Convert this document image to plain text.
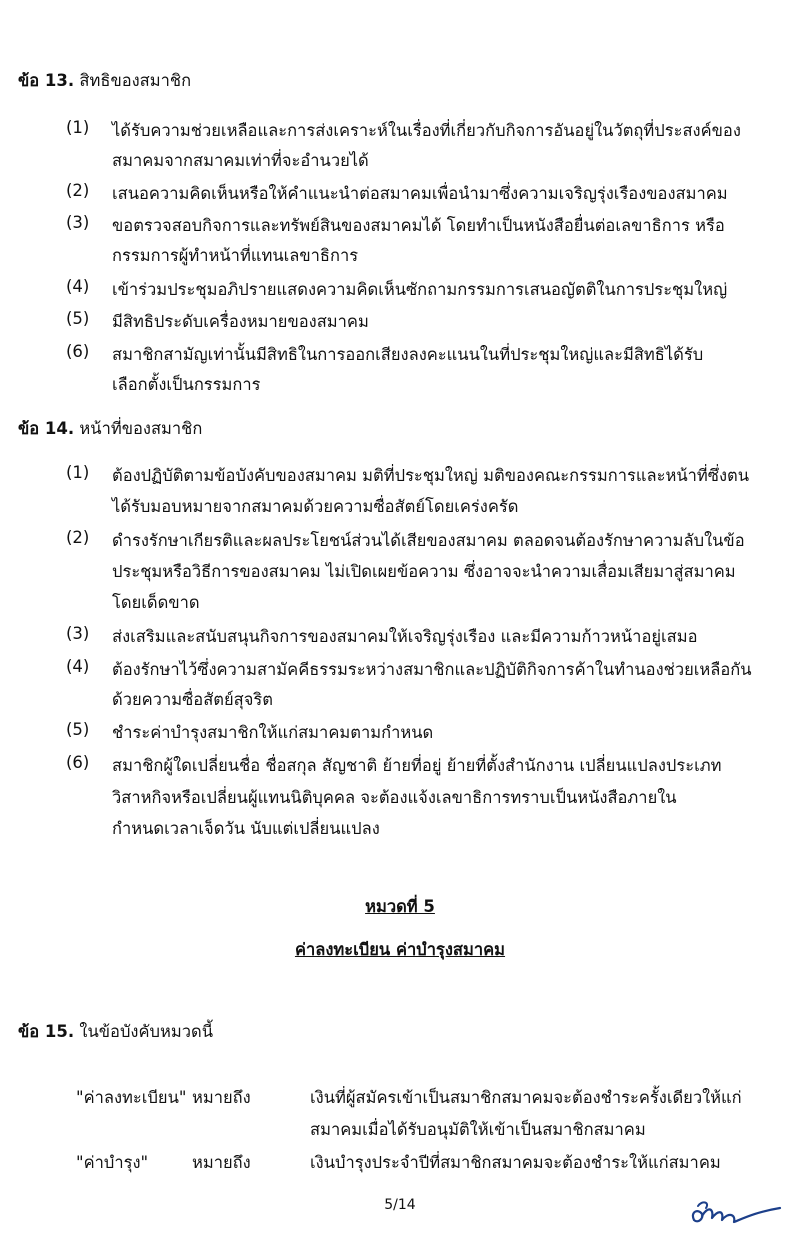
ข้อ 13. สิทธิของสมาชิก
(1) ได้รับความช่วยเหลือและการส่งเคราะห์ในเรื่องที่เกี่ยวกับกิจการอันอยู่ในวัตถุที่ประสงค์ของ
สมาคมจากสมาคมเท่าที่จะอำนวยได้
(2) เสนอความคิดเห็นหรือให้คำแนะนำต่อสมาคมเพื่อนำมาซึ่งความเจริญรุ่งเรืองของสมาคม
(3) ขอตรวจสอบกิจการและทรัพย์สินของสมาคมได้ โดยทำเป็นหนังสือยื่นต่อเลขาธิการ หรือ
กรรมการผู้ทำหน้าที่แทนเลขาธิการ
(4) เข้าร่วมประชุมอภิปรายแสดงความคิดเห็นซักถามกรรมการเสนอญัตติในการประชุมใหญ่
(5) มีสิทธิประดับเครื่องหมายของสมาคม
(6) สมาชิกสามัญเท่านั้นมีสิทธิในการออกเสียงลงคะแนนในที่ประชุมใหญ่และมีสิทธิได้รับ
เลือกตั้งเป็นกรรมการ
ข้อ 14. หน้าที่ของสมาชิก
(1) ต้องปฏิบัติตามข้อบังคับของสมาคม มติที่ประชุมใหญ่ มติของคณะกรรมการและหน้าที่ซึ่งตน
ได้รับมอบหมายจากสมาคมด้วยความซื่อสัตย์โดยเคร่งครัด
(2) ดำรงรักษาเกียรติและผลประโยชน์ส่วนได้เสียของสมาคม ตลอดจนต้องรักษาความลับในข้อ
ประชุมหรือวิธีการของสมาคม ไม่เปิดเผยข้อความ ซึ่งอาจจะนำความเสื่อมเสียมาสู่สมาคม
โดยเด็ดขาด
(3) ส่งเสริมและสนับสนุนกิจการของสมาคมให้เจริญรุ่งเรือง และมีความก้าวหน้าอยู่เสมอ
(4) ต้องรักษาไว้ซึ่งความสามัคคีธรรมระหว่างสมาชิกและปฏิบัติกิจการค้าในทำนองช่วยเหลือกัน
ด้วยความซื่อสัตย์สุจริต
(5) ชำระค่าบำรุงสมาชิกให้แก่สมาคมตามกำหนด
(6) สมาชิกผู้ใดเปลี่ยนชื่อ ชื่อสกุล สัญชาติ ย้ายที่อยู่ ย้ายที่ตั้งสำนักงาน เปลี่ยนแปลงประเภท
วิสาหกิจหรือเปลี่ยนผู้แทนนิติบุคคล จะต้องแจ้งเลขาธิการทราบเป็นหนังสือภายใน
กำหนดเวลาเจ็ดวัน นับแต่เปลี่ยนแปลง
หมวดที่ 5
ค่าลงทะเบียน ค่าบำรุงสมาคม
ข้อ 15. ในข้อบังคับหมวดนี้
"ค่าลงทะเบียน" หมายถึง	เงินที่ผู้สมัครเข้าเป็นสมาชิกสมาคมจะต้องชำระครั้งเดียวให้แก่
สมาคมเมื่อได้รับอนุมัติให้เข้าเป็นสมาชิกสมาคม
"ค่าบำรุง"	หมายถึง	เงินบำรุงประจำปีที่สมาชิกสมาคมจะต้องชำระให้แก่สมาคม
5/14
